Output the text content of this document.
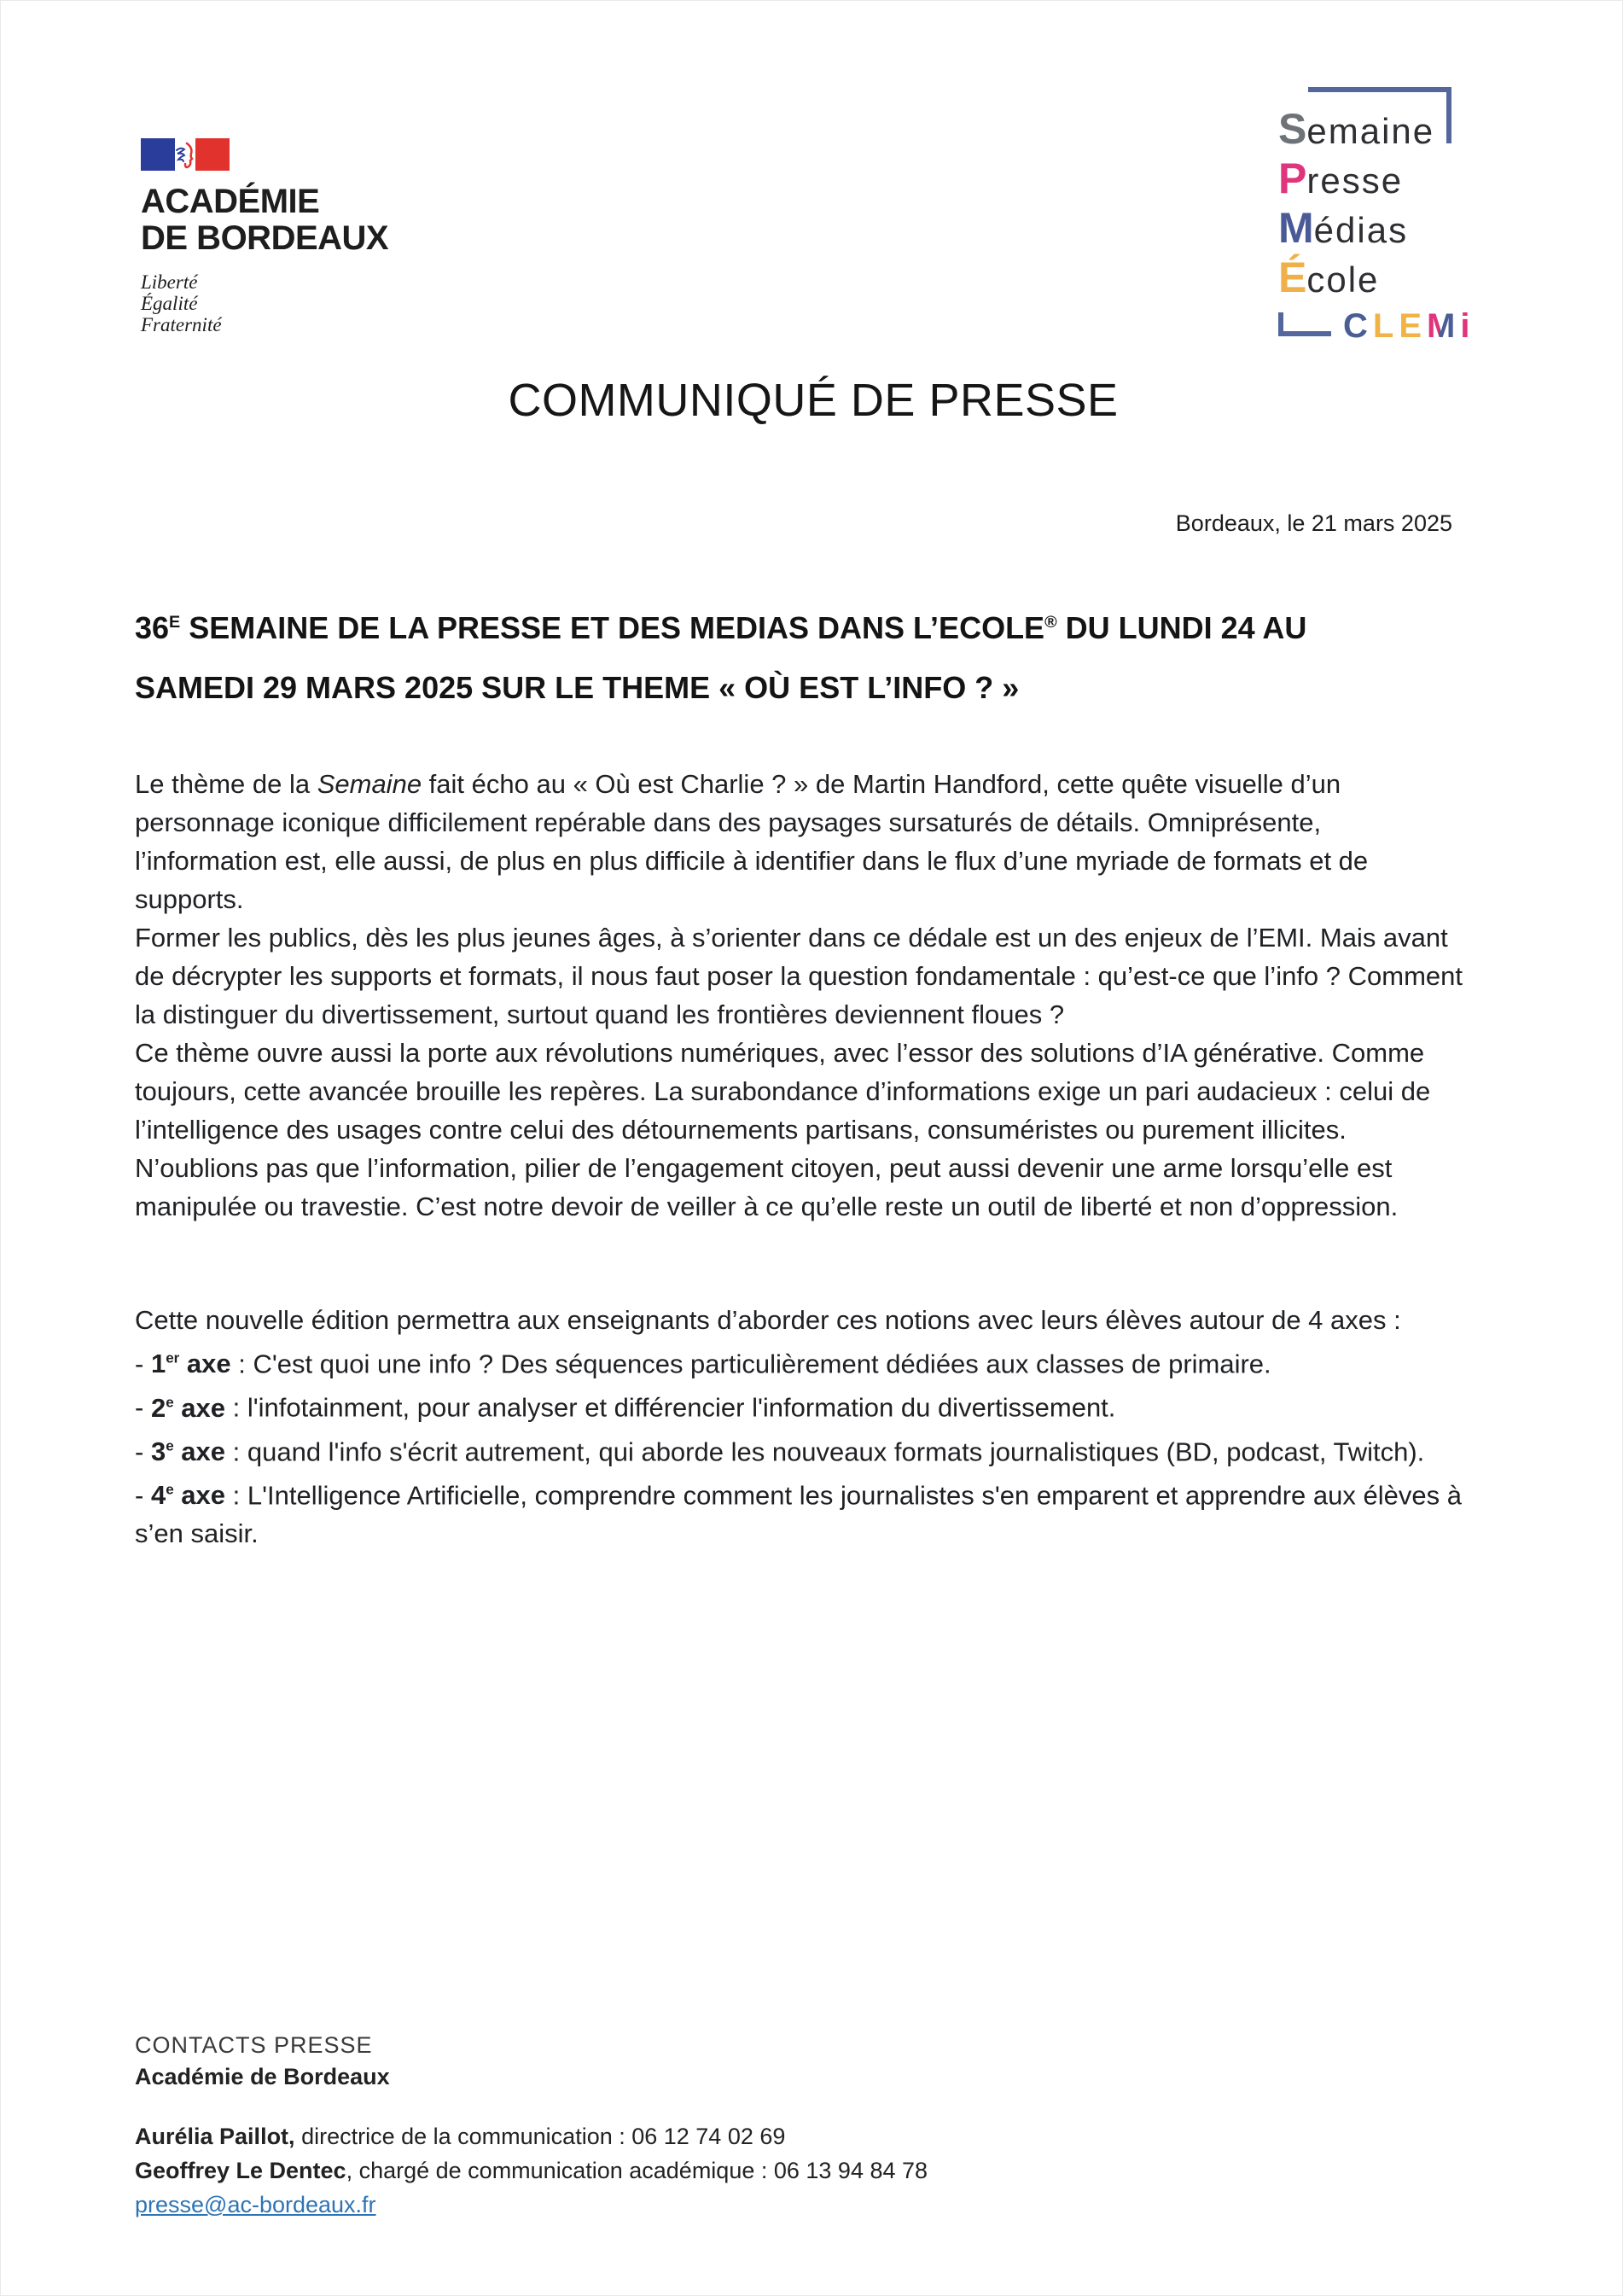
ACADÉMIE
DE BORDEAUX
Liberté
Égalité
Fraternité
Semaine
Presse
Médias
École
CLEMi
COMMUNIQUÉ DE PRESSE
Bordeaux, le 21 mars 2025
$36^E$ SEMAINE DE LA PRESSE ET DES MEDIAS DANS L’ECOLE® DU LUNDI 24 AU
SAMEDI 29 MARS 2025 SUR LE THEME « OÙ EST L’INFO ? »

Le thème de la Semaine fait écho au « Où est Charlie ? » de Martin Handford, cette quête visuelle d’un personnage iconique difficilement repérable dans des paysages sursaturés de détails. Omniprésente, l’information est, elle aussi, de plus en plus difficile à identifier dans le flux d’une myriade de formats et de supports.

Former les publics, dès les plus jeunes âges, à s’orienter dans ce dédale est un des enjeux de l’EMI. Mais avant de décrypter les supports et formats, il nous faut poser la question fondamentale : qu’est-ce que l’info ? Comment la distinguer du divertissement, surtout quand les frontières deviennent floues ?

Ce thème ouvre aussi la porte aux révolutions numériques, avec l’essor des solutions d’IA générative. Comme toujours, cette avancée brouille les repères. La surabondance d’informations exige un pari audacieux : celui de l’intelligence des usages contre celui des détournements partisans, consuméristes ou purement illicites.

N’oublions pas que l’information, pilier de l’engagement citoyen, peut aussi devenir une arme lorsqu’elle est manipulée ou travestie. C’est notre devoir de veiller à ce qu’elle reste un outil de liberté et non d’oppression.

Cette nouvelle édition permettra aux enseignants d’aborder ces notions avec leurs élèves autour de 4 axes :

- 1er axe : C'est quoi une info ? Des séquences particulièrement dédiées aux classes de primaire.

- 2e axe : l'infotainment, pour analyser et différencier l'information du divertissement.

- 3e axe : quand l'info s'écrit autrement, qui aborde les nouveaux formats journalistiques (BD, podcast, Twitch).

- 4e axe : L'Intelligence Artificielle, comprendre comment les journalistes s'en emparent et apprendre aux élèves à s’en saisir.

CONTACTS PRESSE
Académie de Bordeaux
Aurélia Paillot, directrice de la communication : 06 12 74 02 69
Geoffrey Le Dentec, chargé de communication académique : 06 13 94 84 78
presse@ac-bordeaux.fr
